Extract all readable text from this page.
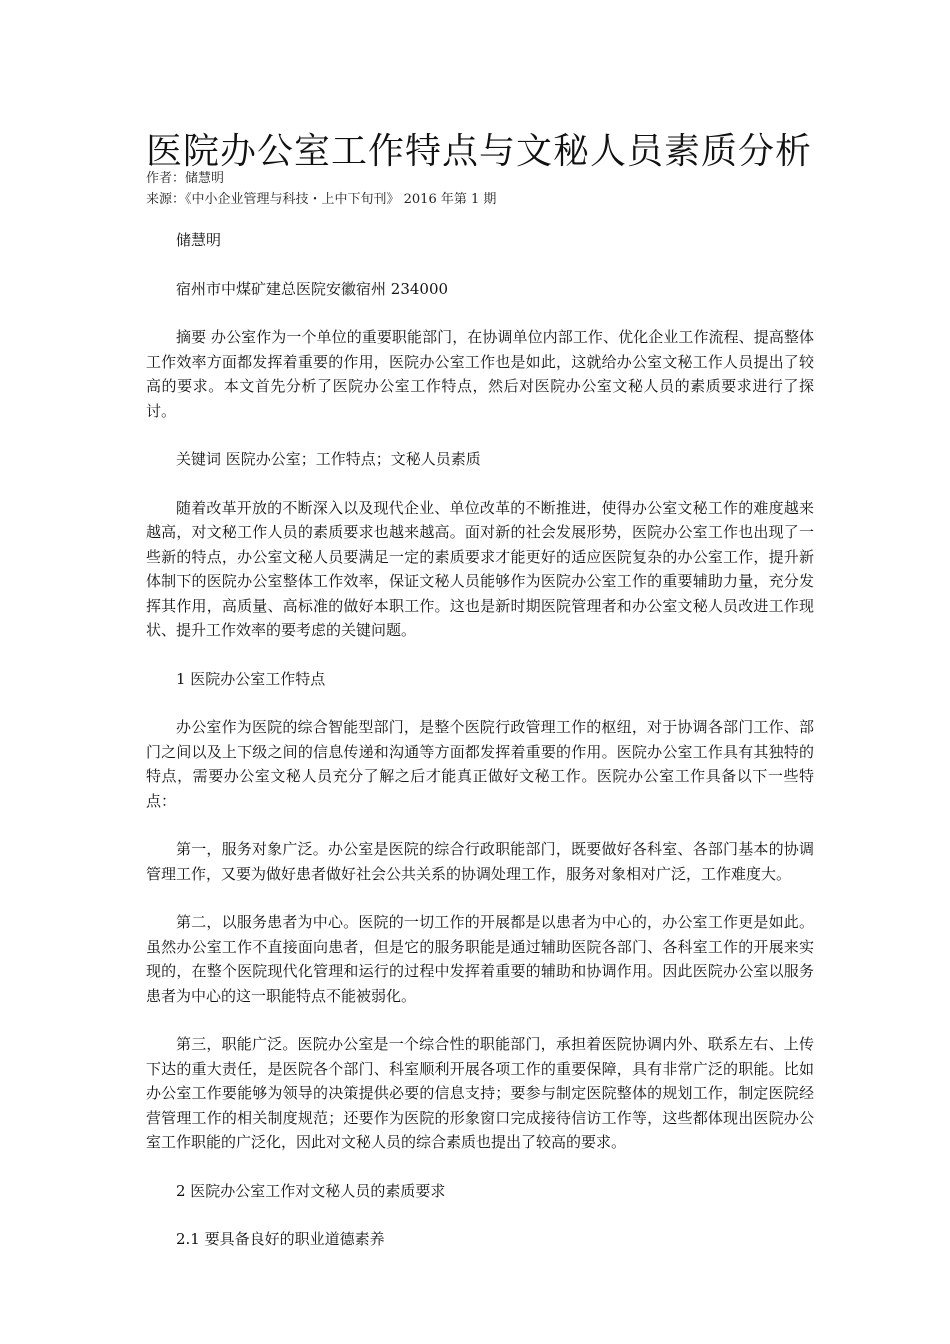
医院办公室工作特点与文秘人员素质分析
作者：储慧明
来源：《中小企业管理与科技・上中下旬刊》 2016 年第 1 期

储慧明

宿州市中煤矿建总医院安徽宿州 234000

摘要 办公室作为一个单位的重要职能部门，在协调单位内部工作、优化企业工作流程、提高整体工作效率方面都发挥着重要的作用，医院办公室工作也是如此，这就给办公室文秘工作人员提出了较高的要求。本文首先分析了医院办公室工作特点，然后对医院办公室文秘人员的素质要求进行了探讨。

关键词 医院办公室；工作特点；文秘人员素质

随着改革开放的不断深入以及现代企业、单位改革的不断推进，使得办公室文秘工作的难度越来越高，对文秘工作人员的素质要求也越来越高。面对新的社会发展形势，医院办公室工作也出现了一些新的特点，办公室文秘人员要满足一定的素质要求才能更好的适应医院复杂的办公室工作，提升新体制下的医院办公室整体工作效率，保证文秘人员能够作为医院办公室工作的重要辅助力量，充分发挥其作用，高质量、高标准的做好本职工作。这也是新时期医院管理者和办公室文秘人员改进工作现状、提升工作效率的要考虑的关键问题。

1 医院办公室工作特点

办公室作为医院的综合智能型部门，是整个医院行政管理工作的枢纽，对于协调各部门工作、部门之间以及上下级之间的信息传递和沟通等方面都发挥着重要的作用。医院办公室工作具有其独特的特点，需要办公室文秘人员充分了解之后才能真正做好文秘工作。医院办公室工作具备以下一些特点：

第一，服务对象广泛。办公室是医院的综合行政职能部门，既要做好各科室、各部门基本的协调管理工作，又要为做好患者做好社会公共关系的协调处理工作，服务对象相对广泛，工作难度大。

第二，以服务患者为中心。医院的一切工作的开展都是以患者为中心的，办公室工作更是如此。虽然办公室工作不直接面向患者，但是它的服务职能是通过辅助医院各部门、各科室工作的开展来实现的，在整个医院现代化管理和运行的过程中发挥着重要的辅助和协调作用。因此医院办公室以服务患者为中心的这一职能特点不能被弱化。

第三，职能广泛。医院办公室是一个综合性的职能部门，承担着医院协调内外、联系左右、上传下达的重大责任，是医院各个部门、科室顺利开展各项工作的重要保障，具有非常广泛的职能。比如办公室工作要能够为领导的决策提供必要的信息支持；要参与制定医院整体的规划工作，制定医院经营管理工作的相关制度规范；还要作为医院的形象窗口完成接待信访工作等，这些都体现出医院办公室工作职能的广泛化，因此对文秘人员的综合素质也提出了较高的要求。

2 医院办公室工作对文秘人员的素质要求

2.1 要具备良好的职业道德素养
